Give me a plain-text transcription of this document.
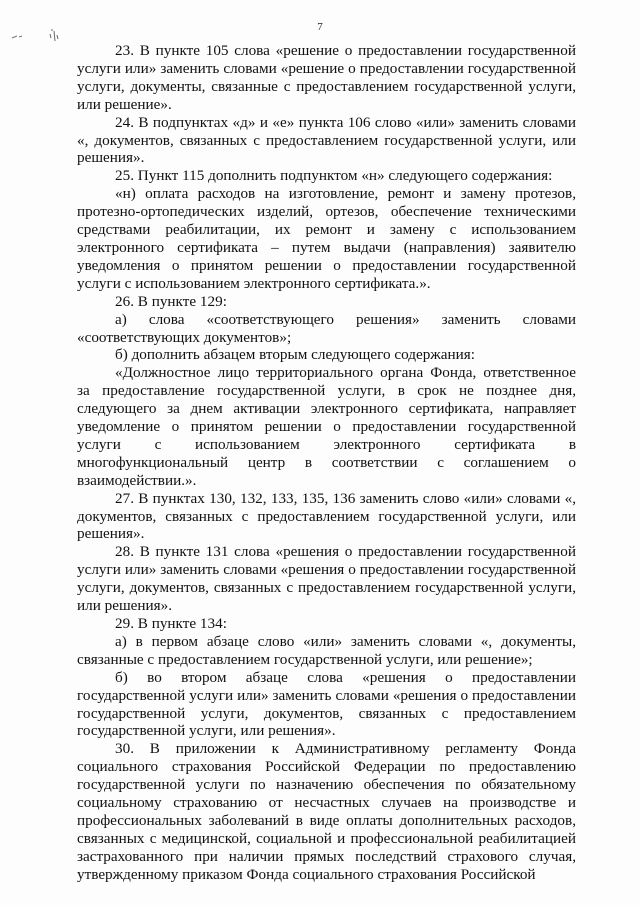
7

23. В пункте 105 слова «решение о предоставлении государственной услуги или» заменить словами «решение о предоставлении государственной услуги, документы, связанные с предоставлением государственной услуги, или решение».

24. В подпунктах «д» и «е» пункта 106 слово «или» заменить словами «, документов, связанных с предоставлением государственной услуги, или решения».

25. Пункт 115 дополнить подпунктом «н» следующего содержания:

«н) оплата расходов на изготовление, ремонт и замену протезов, протезно-ортопедических изделий, ортезов, обеспечение техническими средствами реабилитации, их ремонт и замену с использованием электронного сертификата – путем выдачи (направления) заявителю уведомления о принятом решении о предоставлении государственной услуги с использованием электронного сертификата.».

26. В пункте 129:

а) слова «соответствующего решения» заменить словами «соответствующих документов»;

б) дополнить абзацем вторым следующего содержания:

«Должностное лицо территориального органа Фонда, ответственное за предоставление государственной услуги, в срок не позднее дня, следующего за днем активации электронного сертификата, направляет уведомление о принятом решении о предоставлении государственной услуги с использованием электронного сертификата в многофункциональный центр в соответствии с соглашением о взаимодействии.».

27. В пунктах 130, 132, 133, 135, 136 заменить слово «или» словами «, документов, связанных с предоставлением государственной услуги, или решения».

28. В пункте 131 слова «решения о предоставлении государственной услуги или» заменить словами «решения о предоставлении государственной услуги, документов, связанных с предоставлением государственной услуги, или решения».

29. В пункте 134:

а) в первом абзаце слово «или» заменить словами «, документы, связанные с предоставлением государственной услуги, или решение»;

б) во втором абзаце слова «решения о предоставлении государственной услуги или» заменить словами «решения о предоставлении государственной услуги, документов, связанных с предоставлением государственной услуги, или решения».

30. В приложении к Административному регламенту Фонда социального страхования Российской Федерации по предоставлению государственной услуги по назначению обеспечения по обязательному социальному страхованию от несчастных случаев на производстве и профессиональных заболеваний в виде оплаты дополнительных расходов, связанных с медицинской, социальной и профессиональной реабилитацией застрахованного при наличии прямых последствий страхового случая, утвержденному приказом Фонда социального страхования Российской
